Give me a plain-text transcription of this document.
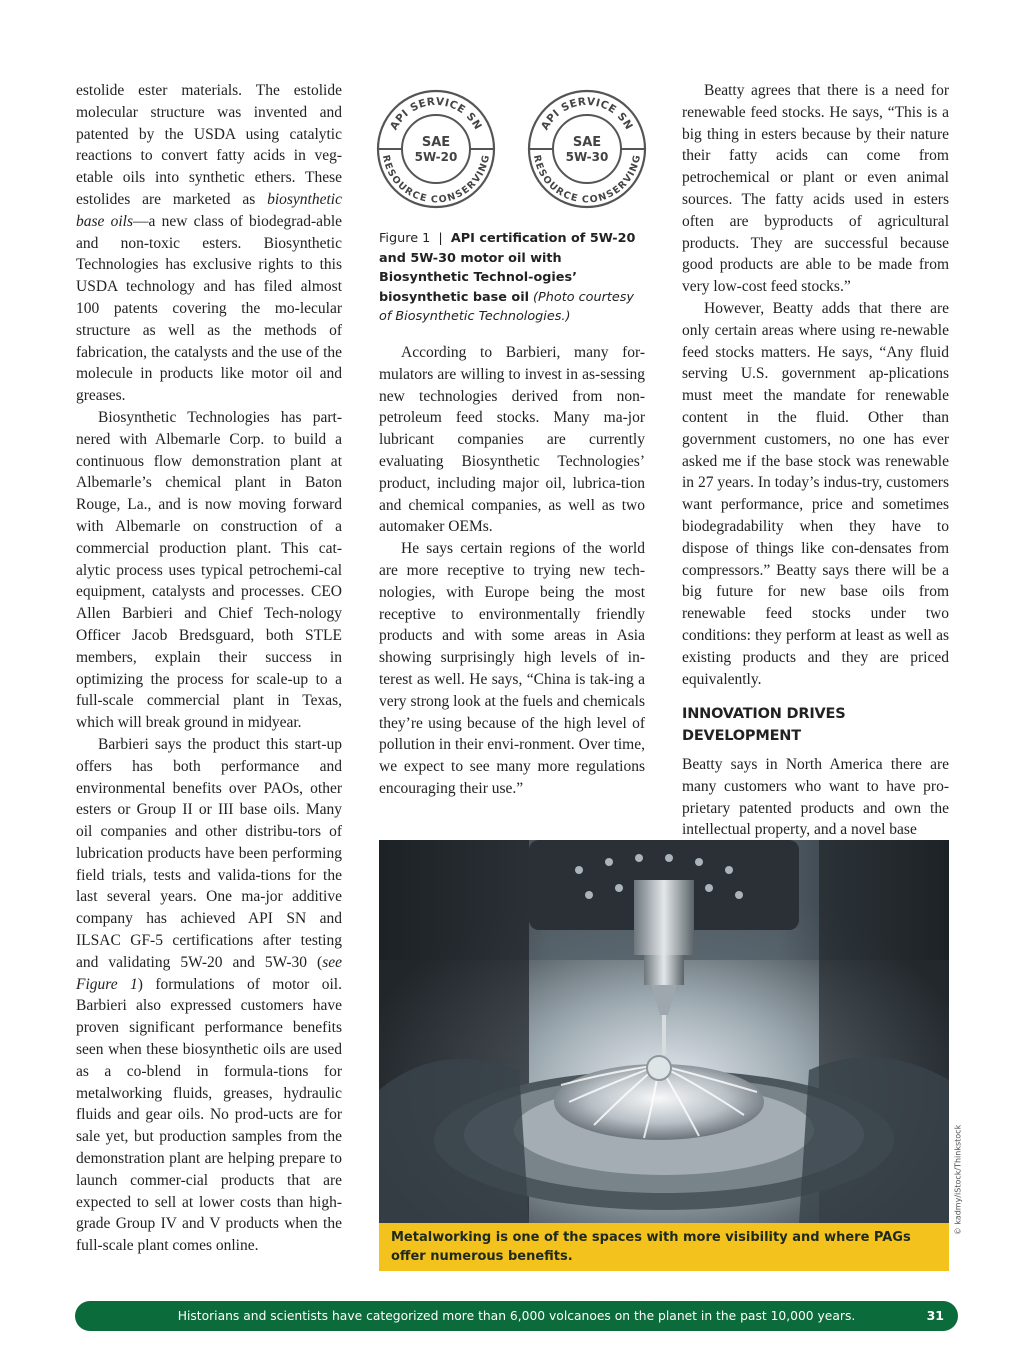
estolide ester materials. The estolide molecular structure was invented and patented by the USDA using catalytic reactions to convert fatty acids in veg-etable oils into synthetic ethers. These estolides are marketed as biosynthetic base oils—a new class of biodegrad-able and non-toxic esters. Biosynthetic Technologies has exclusive rights to this USDA technology and has filed almost 100 patents covering the mo-lecular structure as well as the methods of fabrication, the catalysts and the use of the molecule in products like motor oil and greases.

Biosynthetic Technologies has part-nered with Albemarle Corp. to build a continuous flow demonstration plant at Albemarle’s chemical plant in Baton Rouge, La., and is now moving forward with Albemarle on construction of a commercial production plant. This cat-alytic process uses typical petrochemi-cal equipment, catalysts and processes. CEO Allen Barbieri and Chief Tech-nology Officer Jacob Bredsguard, both STLE members, explain their success in optimizing the process for scale-up to a full-scale commercial plant in Texas, which will break ground in midyear.

Barbieri says the product this start-up offers has both performance and environmental benefits over PAOs, other esters or Group II or III base oils. Many oil companies and other distribu-tors of lubrication products have been performing field trials, tests and valida-tions for the last several years. One ma-jor additive company has achieved API SN and ILSAC GF-5 certifications after testing and validating 5W-20 and 5W-30 (see Figure 1) formulations of motor oil. Barbieri also expressed customers have proven significant performance benefits seen when these biosynthetic oils are used as a co-blend in formula-tions for metalworking fluids, greases, hydraulic fluids and gear oils. No prod-ucts are for sale yet, but production samples from the demonstration plant are helping prepare to launch commer-cial products that are expected to sell at lower costs than high-grade Group IV and V products when the full-scale plant comes online.

API SERVICE SN
RESOURCE CONSERVING
SAE
5W-20
API SERVICE SN
RESOURCE CONSERVING
SAE
5W-30
Figure 1  |  API certification of 5W-20 and 5W-30 motor oil with Biosynthetic Technol-ogies’ biosynthetic base oil (Photo courtesy of Biosynthetic Technologies.)

According to Barbieri, many for-mulators are willing to invest in as-sessing new technologies derived from non-petroleum feed stocks. Many ma-jor lubricant companies are currently evaluating Biosynthetic Technologies’ product, including major oil, lubrica-tion and chemical companies, as well as two automaker OEMs.

He says certain regions of the world are more receptive to trying new tech-nologies, with Europe being the most receptive to environmentally friendly products and with some areas in Asia showing surprisingly high levels of in-terest as well. He says, “China is tak-ing a very strong look at the fuels and chemicals they’re using because of the high level of pollution in their envi-ronment. Over time, we expect to see many more regulations encouraging their use.”

Beatty agrees that there is a need for renewable feed stocks. He says, “This is a big thing in esters because by their nature their fatty acids can come from petrochemical or plant or even animal sources. The fatty acids used in esters often are byproducts of agricultural products. They are successful because good products are able to be made from very low-cost feed stocks.”

However, Beatty adds that there are only certain areas where using re-newable feed stocks matters. He says, “Any fluid serving U.S. government ap-plications must meet the mandate for renewable content in the fluid. Other than government customers, no one has ever asked me if the base stock was renewable in 27 years. In today’s indus-try, customers want performance, price and sometimes biodegradability when they have to dispose of things like con-densates from compressors.” Beatty says there will be a big future for new base oils from renewable feed stocks under two conditions: they perform at least as well as existing products and they are priced equivalently.

INNOVATION DRIVES DEVELOPMENT

Beatty says in North America there are many customers who want to have pro-prietary patented products and own the intellectual property, and a novel base

© kadmy/iStock/Thinkstock
Metalworking is one of the spaces with more visibility and where PAGs offer numerous benefits.
Historians and scientists have categorized more than 6,000 volcanoes on the planet in the past 10,000 years.	31
